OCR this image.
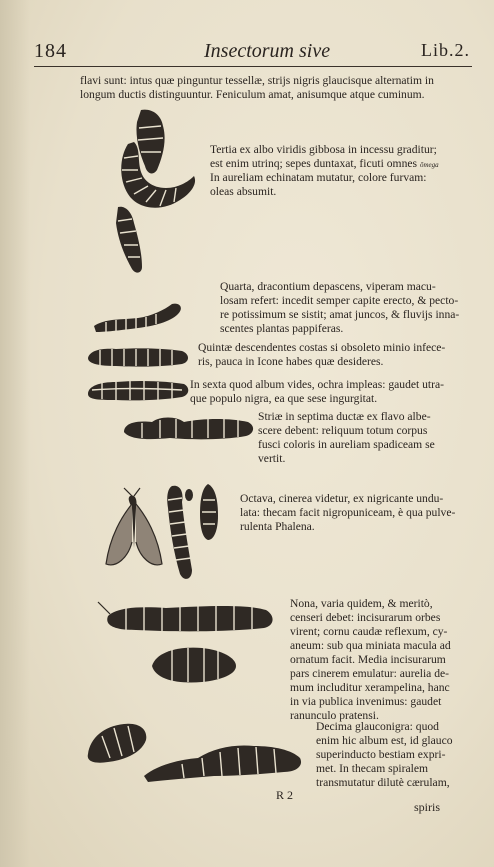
184	Insectorum sive	Lib.2.
flavi sunt: intus quæ pinguntur tessellæ, strijs nigris glaucisque alternatim in
longum ductis distinguuntur. Feniculum amat, anisumque atque cuminum.
Tertia ex albo viridis gibbosa in incessu graditur;
est enim utrinq; sepes duntaxat, ficuti omnes ōmega
In aureliam echinatam mutatur, colore furvam:
oleas absumit.
Quarta, dracontium depascens, viperam macu-
losam refert: incedit semper capite erecto, & pecto-
re potissimum se sistit; amat juncos, & fluvijs inna-
scentes plantas pappiferas.
Quintæ descendentes costas si obsoleto minio infece-
ris, pauca in Icone habes quæ desideres.
In sexta quod album vides, ochra impleas: gaudet utra-
que populo nigra, ea que sese ingurgitat.
Striæ in septima ductæ ex flavo albe-
scere debent: reliquum totum corpus
fusci coloris in aureliam spadiceam se
vertit.
Octava, cinerea videtur, ex nigricante undu-
lata: thecam facit nigropuniceam, è qua pulve-
rulenta Phalena.
Nona, varia quidem, & meritò,
censeri debet: incisurarum orbes
virent; cornu caudæ reflexum, cy-
aneum: sub qua miniata macula ad
ornatum facit. Media incisurarum
pars cinerem emulatur: aurelia de-
mum includitur xerampelina, hanc
in via publica invenimus: gaudet
ranunculo pratensi.
Decima glauconigra: quod
enim hic album est, id glauco
superinducto bestiam expri-
met. In thecam spiralem
transmutatur dilutè cærulam,
R 2
spiris
